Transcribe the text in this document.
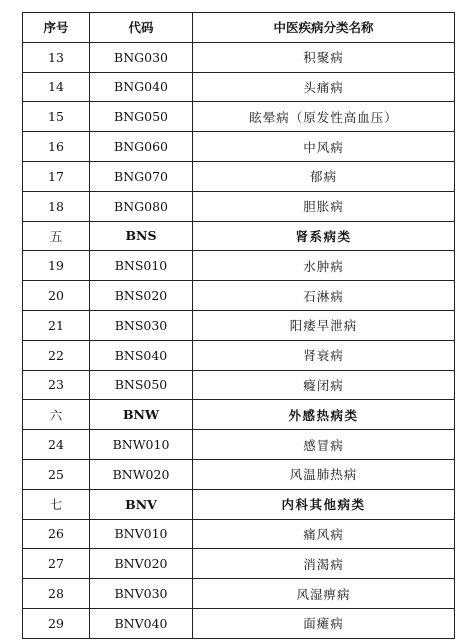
序号	代码	中医疾病分类名称
13	BNG030	积聚病
14	BNG040	头痛病
15	BNG050	眩晕病（原发性高血压）
16	BNG060	中风病
17	BNG070	郁病
18	BNG080	胆胀病
五	BNS	肾系病类
19	BNS010	水肿病
20	BNS020	石淋病
21	BNS030	阳痿早泄病
22	BNS040	肾衰病
23	BNS050	癃闭病
六	BNW	外感热病类
24	BNW010	感冒病
25	BNW020	风温肺热病
七	BNV	内科其他病类
26	BNV010	痛风病
27	BNV020	消渴病
28	BNV030	风湿痹病
29	BNV040	面瘫病
